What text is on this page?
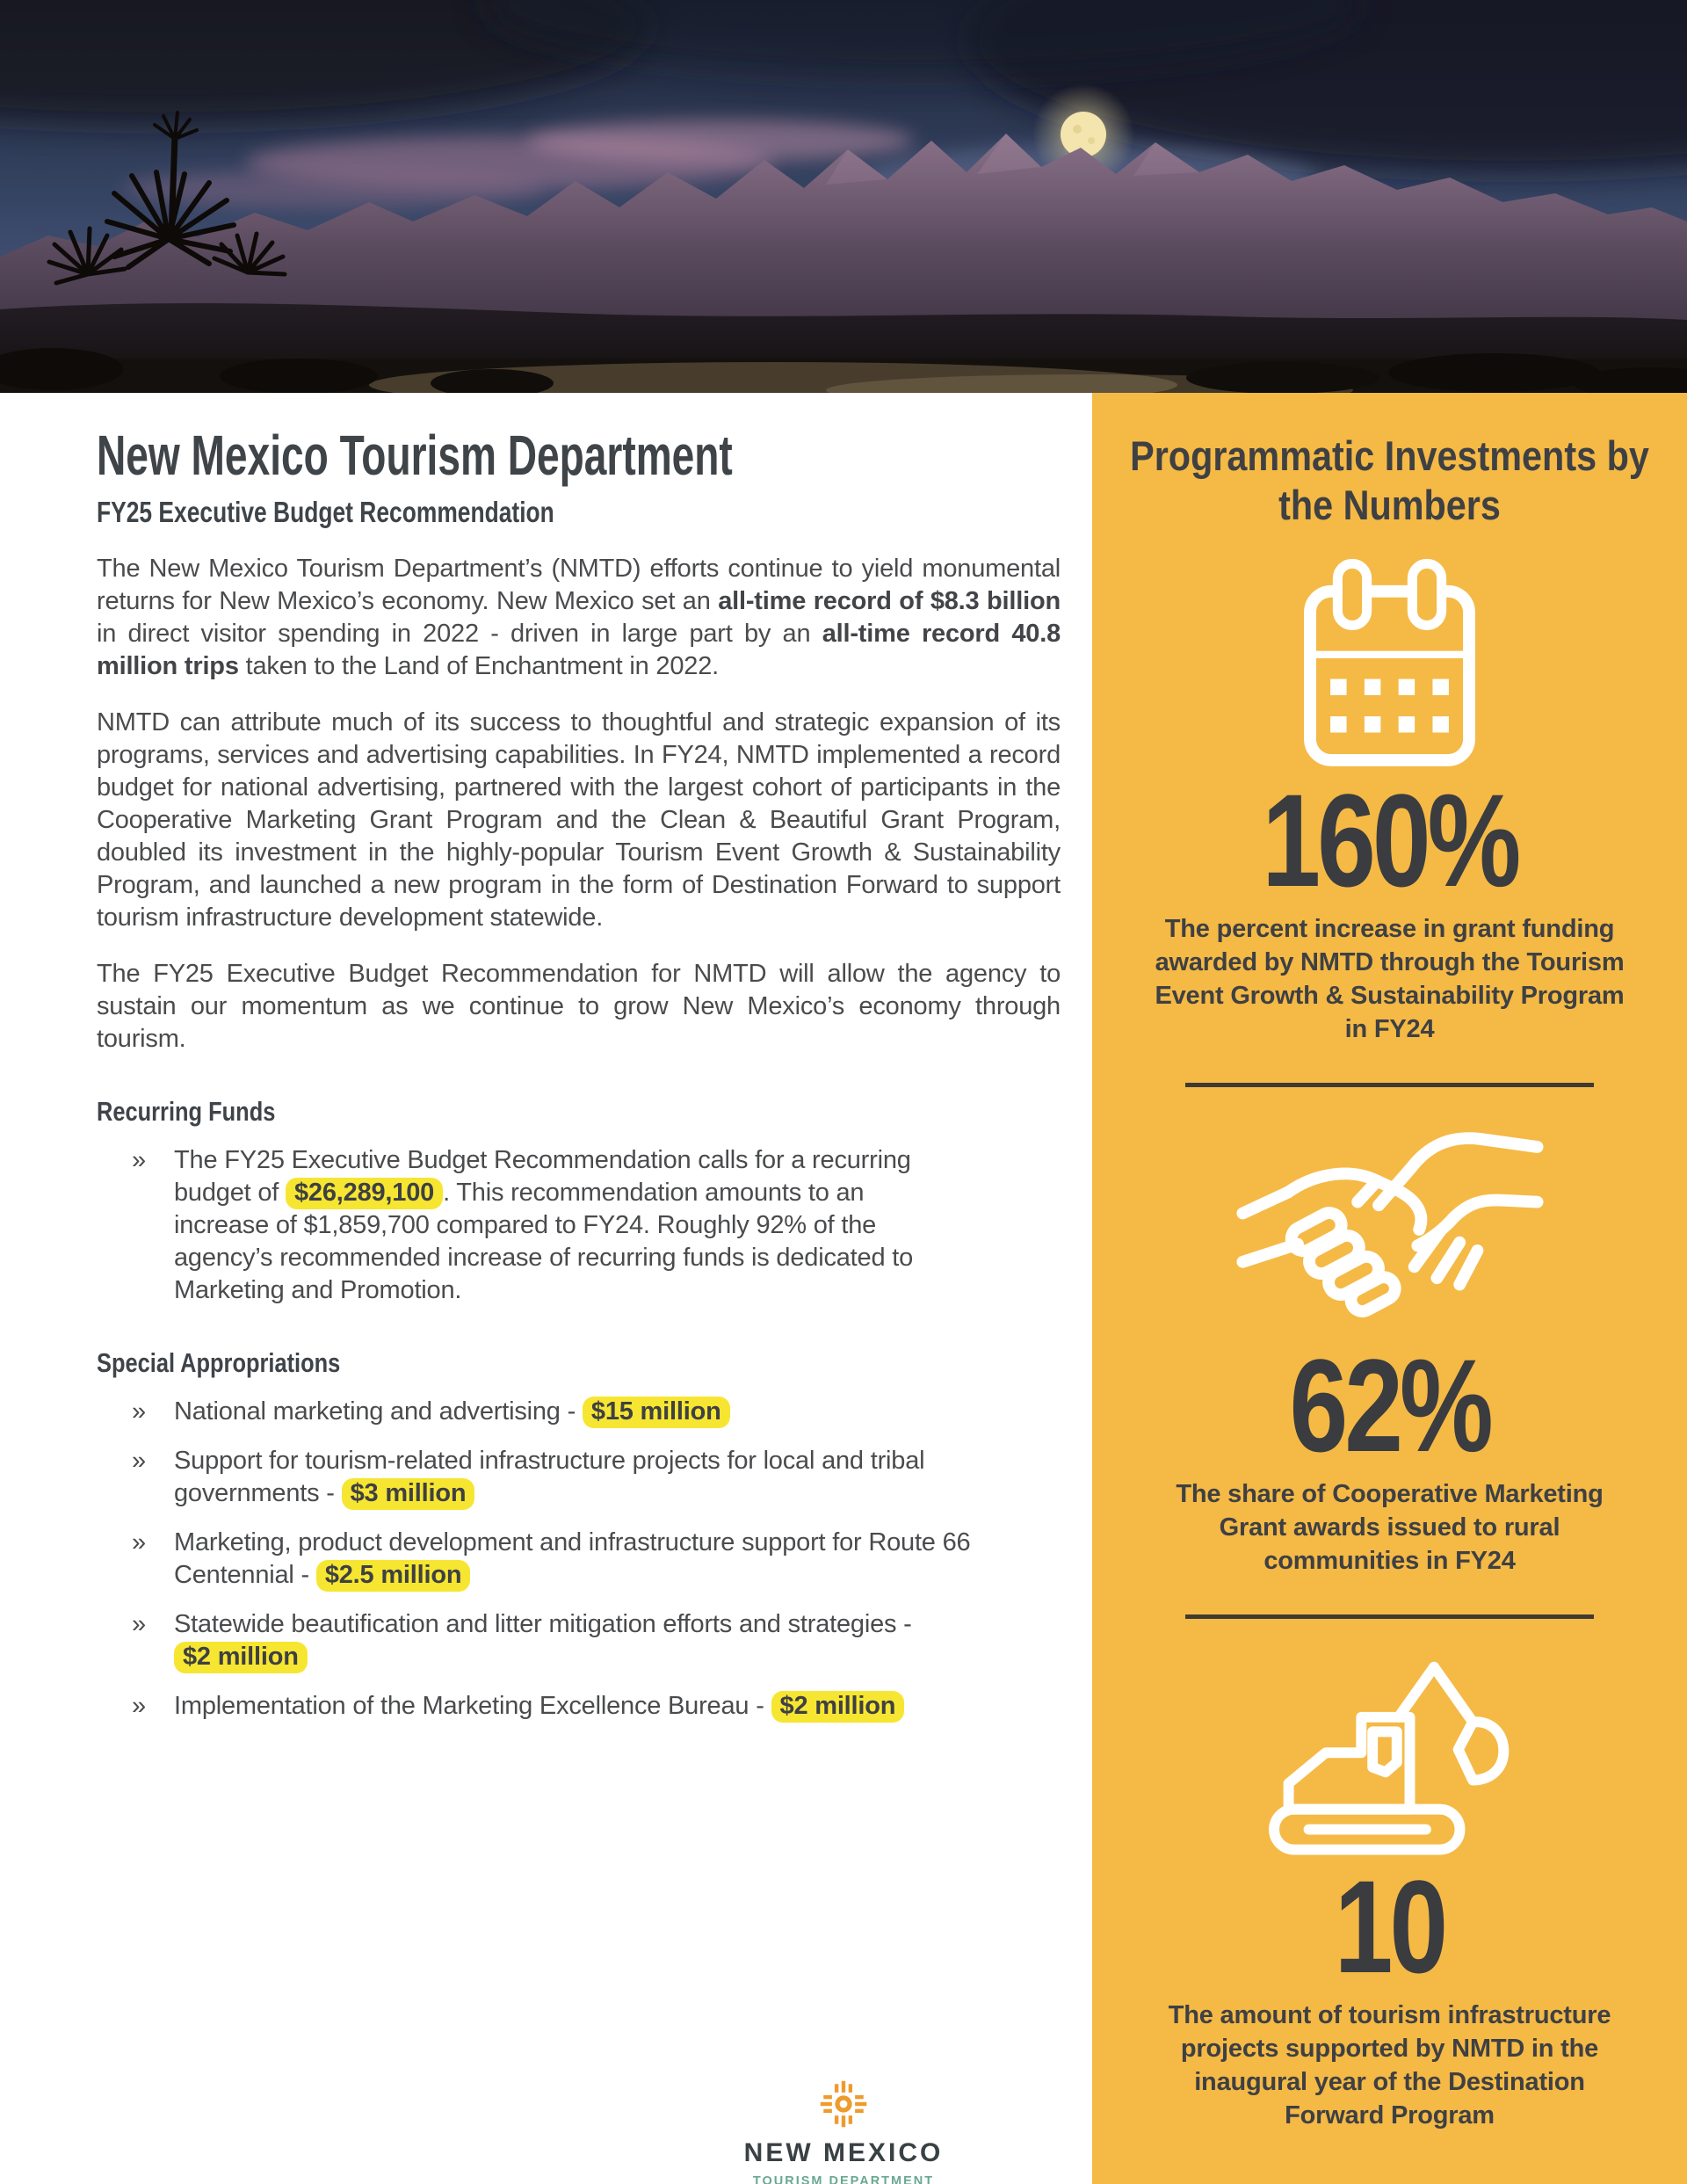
New Mexico Tourism Department
FY25 Executive Budget Recommendation

The New Mexico Tourism Department’s (NMTD) efforts continue to yield monumental returns for New Mexico’s economy. New Mexico set an all-time record of $8.3 billion in direct visitor spending in 2022 - driven in large part by an all-time record 40.8 million trips taken to the Land of Enchantment in 2022.

NMTD can attribute much of its success to thoughtful and strategic expansion of its programs, services and advertising capabilities. In FY24, NMTD implemented a record budget for national advertising, partnered with the largest cohort of participants in the Cooperative Marketing Grant Program and the Clean & Beautiful Grant Program, doubled its investment in the highly-popular Tourism Event Growth & Sustainability Program, and launched a new program in the form of Destination Forward to support tourism infrastructure development statewide.

The FY25 Executive Budget Recommendation for NMTD will allow the agency to sustain our momentum as we continue to grow New Mexico’s economy through tourism.

Recurring Funds
»	The FY25 Executive Budget Recommendation calls for a recurring budget of $26,289,100 . This recommendation amounts to an increase of $1,859,700 compared to FY24. Roughly 92% of the agency’s recommended increase of recurring funds is dedicated to Marketing and Promotion.
Special Appropriations
»	National marketing and advertising - $15 million
»	Support for tourism-related infrastructure projects for local and tribal governments - $3 million
»	Marketing, product development and infrastructure support for Route 66 Centennial - $2.5 million
»	Statewide beautification and litter mitigation efforts and strategies - $2 million
»	Implementation of the Marketing Excellence Bureau - $2 million
Programmatic Investments by the Numbers
160%
The percent increase in grant funding awarded by NMTD through the Tourism Event Growth & Sustainability Program in FY24
62%
The share of Cooperative Marketing Grant awards issued to rural communities in FY24
10
The amount of tourism infrastructure projects supported by NMTD in the inaugural year of the Destination Forward Program
NEW MEXICO
TOURISM DEPARTMENT
